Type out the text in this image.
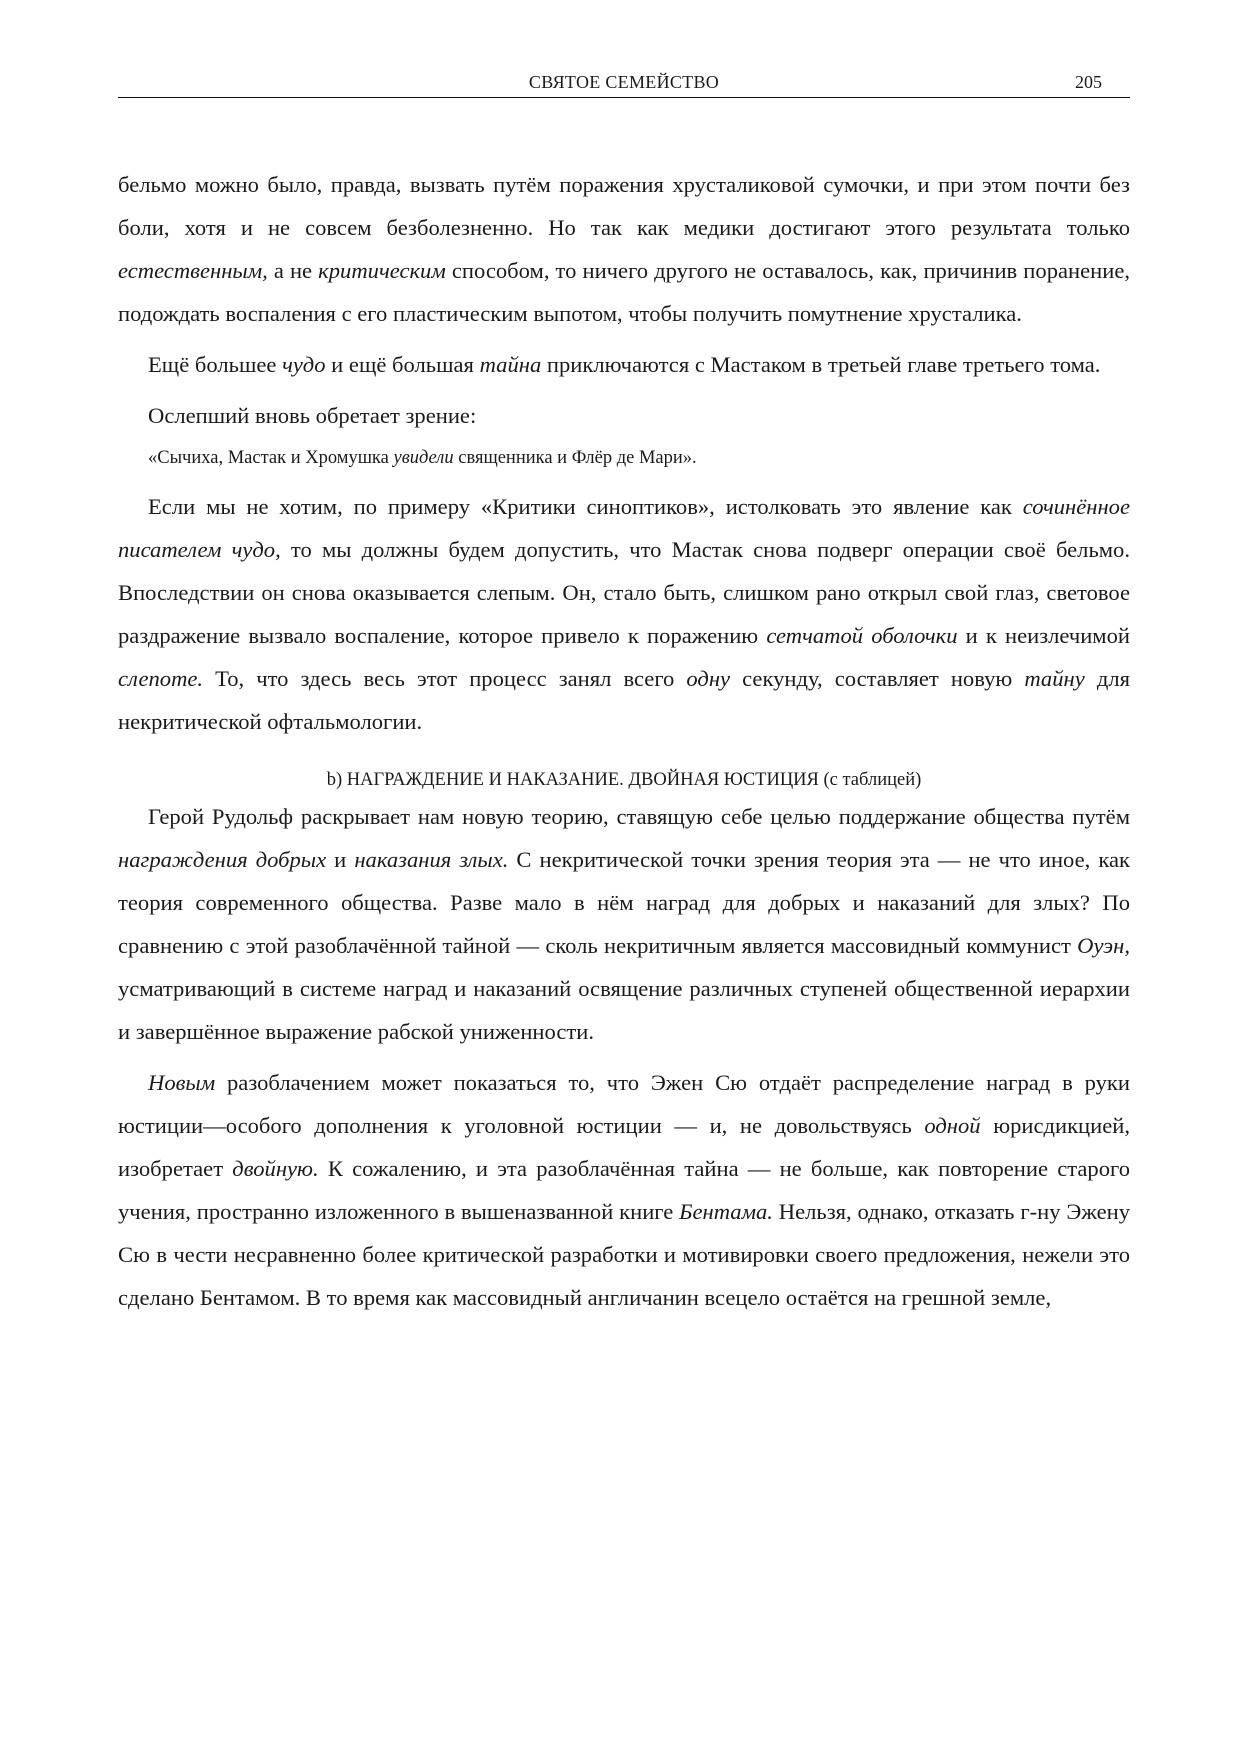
СВЯТОЕ СЕМЕЙСТВО	205

бельмо можно было, правда, вызвать путём поражения хрусталиковой сумочки, и при этом почти без боли, хотя и не совсем безболезненно. Но так как медики достигают этого результата только естественным, а не критическим способом, то ничего другого не оставалось, как, причинив поранение, подождать воспаления с его пластическим выпотом, чтобы получить помутнение хрусталика.

Ещё большее чудо и ещё большая тайна приключаются с Мастаком в третьей главе третьего тома.

Ослепший вновь обретает зрение:

«Сычиха, Мастак и Хромушка увидели священника и Флёр де Мари».

Если мы не хотим, по примеру «Критики синоптиков», истолковать это явление как сочинённое писателем чудо, то мы должны будем допустить, что Мастак снова подверг операции своё бельмо. Впоследствии он снова оказывается слепым. Он, стало быть, слишком рано открыл свой глаз, световое раздражение вызвало воспаление, которое привело к поражению сетчатой оболочки и к неизлечимой слепоте. То, что здесь весь этот процесс занял всего одну секунду, составляет новую тайну для некритической офтальмологии.

b) НАГРАЖДЕНИЕ И НАКАЗАНИЕ. ДВОЙНАЯ ЮСТИЦИЯ (с таблицей)

Герой Рудольф раскрывает нам новую теорию, ставящую себе целью поддержание общества путём награждения добрых и наказания злых. С некритической точки зрения теория эта — не что иное, как теория современного общества. Разве мало в нём наград для добрых и наказаний для злых? По сравнению с этой разоблачённой тайной — сколь некритичным является массовидный коммунист Оуэн, усматривающий в системе наград и наказаний освящение различных ступеней общественной иерархии и завершённое выражение рабской униженности.

Новым разоблачением может показаться то, что Эжен Сю отдаёт распределение наград в руки юстиции—особого дополнения к уголовной юстиции — и, не довольствуясь одной юрисдикцией, изобретает двойную. К сожалению, и эта разоблачённая тайна — не больше, как повторение старого учения, пространно изложенного в вышеназванной книге Бентама. Нельзя, однако, отказать г-ну Эжену Сю в чести несравненно более критической разработки и мотивировки своего предложения, нежели это сделано Бентамом. В то время как массовидный англичанин всецело остаётся на грешной земле,
